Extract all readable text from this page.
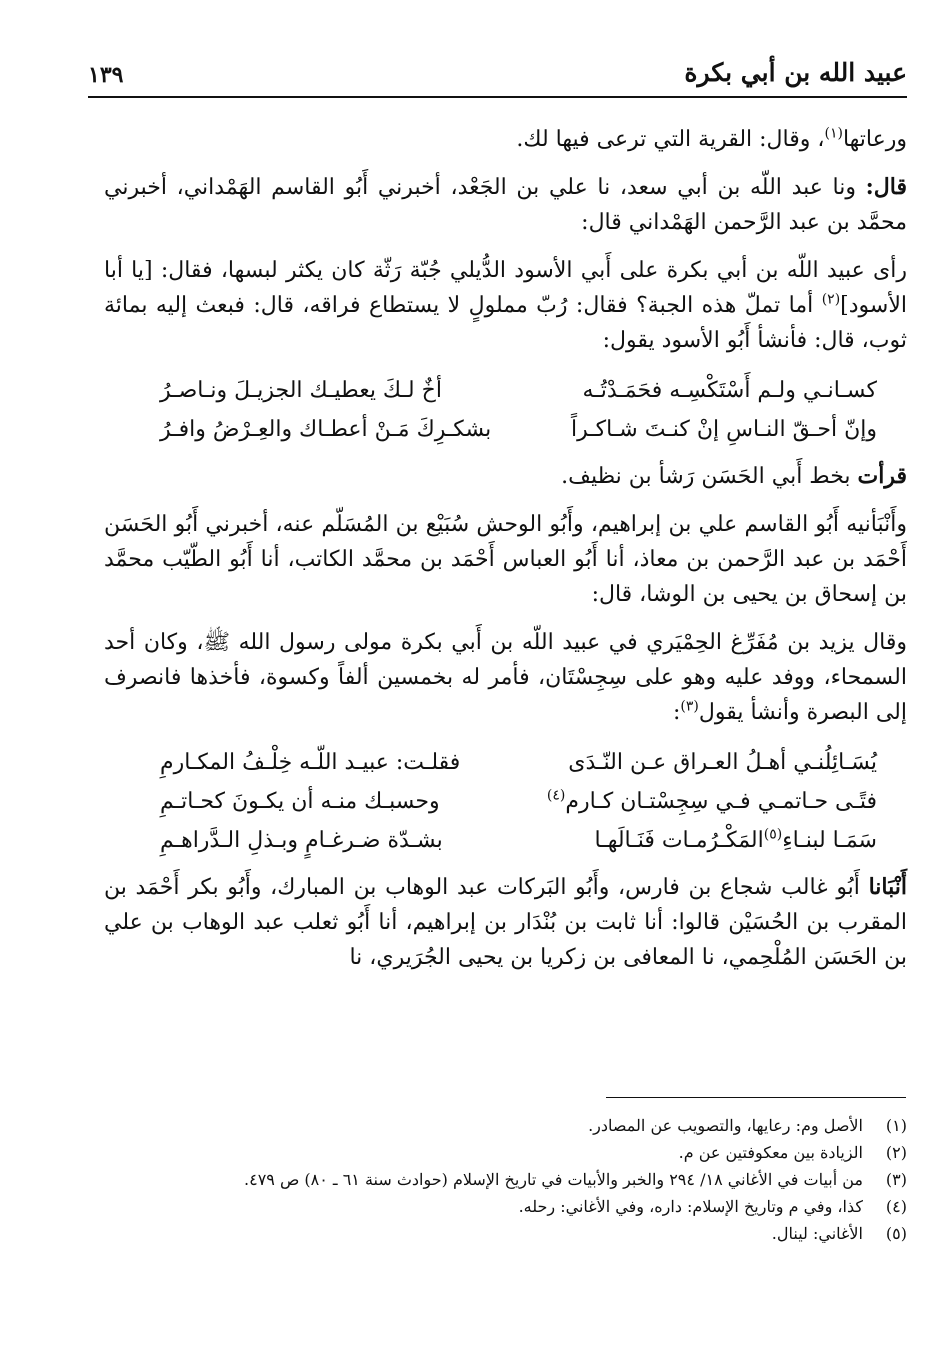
عبيد الله بن أبي بكرة
١٣٩

ورعاتها$^{(١)}$، وقال: القرية التي ترعى فيها لك.

قال: ونا عبد اللّه بن أبي سعد، نا علي بن الجَعْد، أخبرني أَبُو القاسم الهَمْداني، أخبرني محمَّد بن عبد الرَّحمن الهَمْداني قال:

رأى عبيد اللّه بن أبي بكرة على أَبي الأسود الدُّيلي جُبّة رَثّة كان يكثر لبسها، فقال: [يا أبا الأسود]$^{(٢)}$ أما تملّ هذه الجبة؟ فقال: رُبّ مملولٍ لا يستطاع فراقه، قال: فبعث إليه بمائة ثوب، قال: فأنشأ أَبُو الأسود يقول:

كسـانـي ولـم أَسْتَكْسِـه فحَمَـدْتُـه
أخٌ لـكَ يعطيـك الجزيـلَ ونـاصـرُ
وإنّ أحـقّ النـاسِ إنْ كنـتَ شـاكـراً
بشكـرِكَ مَـنْ أعطـاك والعِـرْضُ وافـرُ

قرأت بخط أَبي الحَسَن رَشأ بن نظيف.

وأَنْبَأنيه أَبُو القاسم علي بن إبراهيم، وأَبُو الوحش سُبَيْع بن المُسَلّم عنه، أخبرني أَبُو الحَسَن أَحْمَد بن عبد الرَّحمن بن معاذ، أنا أَبُو العباس أَحْمَد بن محمَّد الكاتب، أنا أَبُو الطّيّب محمَّد بن إسحاق بن يحيى بن الوشا، قال:

وقال يزيد بن مُفَرِّغ الحِمْيَري في عبيد اللّه بن أَبي بكرة مولى رسول الله ﷺ، وكان أحد السمحاء، ووفد عليه وهو على سِجِسْتَان، فأمر له بخمسين ألفاً وكسوة، فأخذها فانصرف إلى البصرة وأنشأ يقول$^{(٣)}$:

يُسَـائِلُنـي أهـلُ العـراق عـن النّـدَى
فقلـت: عبيـد اللّـه خِلْـفُ المكـارمِ
فتًـى حـاتمـي فـي سِجِسْتـان كـارم$^{(٤)}$
وحسبـك منـه أن يكـونَ كحـاتـمِ
سَمَـا لبنـاءِ$^{(٥)}$المَكْـرُمـات فَنَـالَهـا
بشـدّة ضـرغـامٍ وبـذلِ الـدَّراهـمِ

أَنْبَانا أَبُو غالب شجاع بن فارس، وأَبُو البَركات عبد الوهاب بن المبارك، وأَبُو بكر أَحْمَد بن المقرب بن الحُسَيْن قالوا: أنا ثابت بن بُنْدَار بن إبراهيم، أنا أَبُو ثعلب عبد الوهاب بن علي بن الحَسَن المُلْحِمي، نا المعافى بن زكريا بن يحيى الجُرَيري، نا

(١)الأصل وم: رعايها، والتصويب عن المصادر.
(٢)الزيادة بين معكوفتين عن م.
(٣)من أبيات في الأغاني ١٨/ ٢٩٤ والخبر والأبيات في تاريخ الإسلام (حوادث سنة ٦١ ـ ٨٠) ص ٤٧٩.
(٤)كذا، وفي م وتاريخ الإسلام: داره، وفي الأغاني: رحله.
(٥)الأغاني: لينال.
